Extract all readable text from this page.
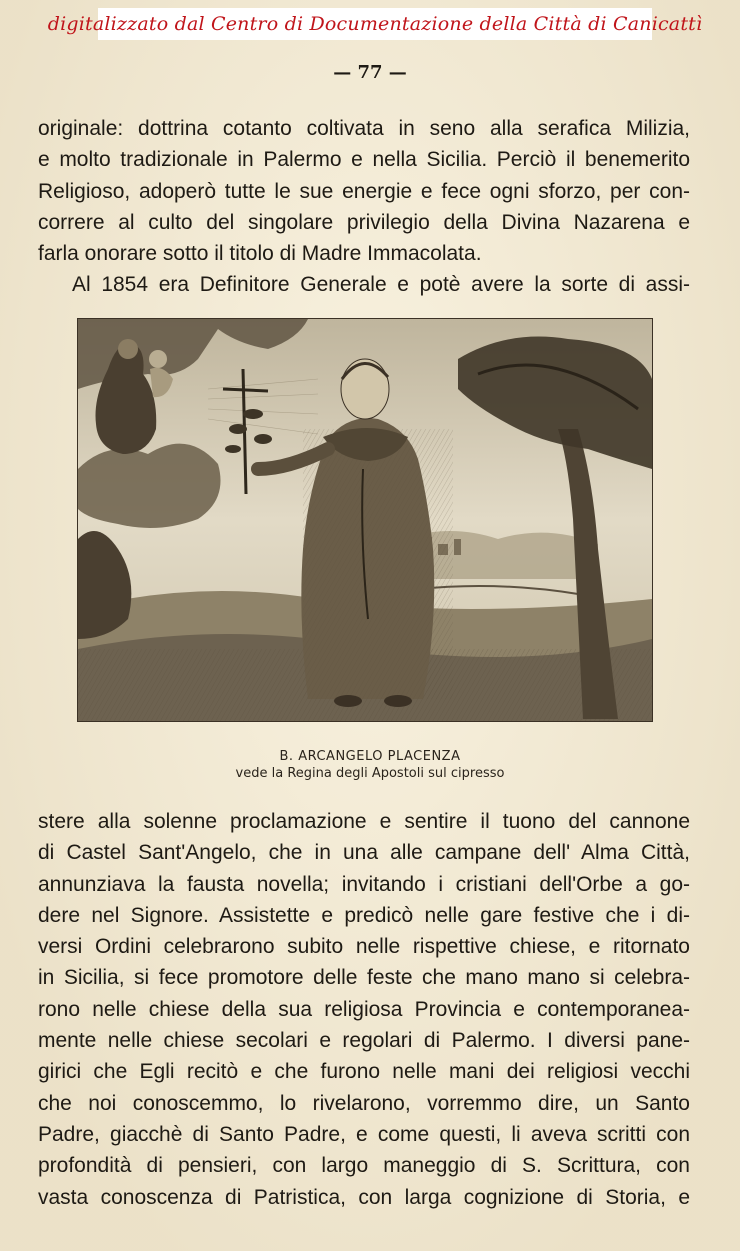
digitalizzato dal Centro di Documentazione della Città di Canicattì
— 77 —
originale: dottrina cotanto coltivata in seno alla serafica Milizia,
e molto tradizionale in Palermo e nella Sicilia. Perciò il benemerito
Religioso, adoperò tutte le sue energie e fece ogni sforzo, per con-
correre al culto del singolare privilegio della Divina Nazarena e
farla onorare sotto il titolo di Madre Immacolata.
Al 1854 era Definitore Generale e potè avere la sorte di assi-
B. ARCANGELO PLACENZA
vede la Regina degli Apostoli sul cipresso
stere alla solenne proclamazione e sentire il tuono del cannone
di Castel Sant'Angelo, che in una alle campane dell' Alma Città,
annunziava la fausta novella; invitando i cristiani dell'Orbe a go-
dere nel Signore. Assistette e predicò nelle gare festive che i di-
versi Ordini celebrarono subito nelle rispettive chiese, e ritornato
in Sicilia, si fece promotore delle feste che mano mano si celebra-
rono nelle chiese della sua religiosa Provincia e contemporanea-
mente nelle chiese secolari e regolari di Palermo. I diversi pane-
girici che Egli recitò e che furono nelle mani dei religiosi vecchi
che noi conoscemmo, lo rivelarono, vorremmo dire, un Santo
Padre, giacchè di Santo Padre, e come questi, li aveva scritti con
profondità di pensieri, con largo maneggio di S. Scrittura, con
vasta conoscenza di Patristica, con larga cognizione di Storia, e
